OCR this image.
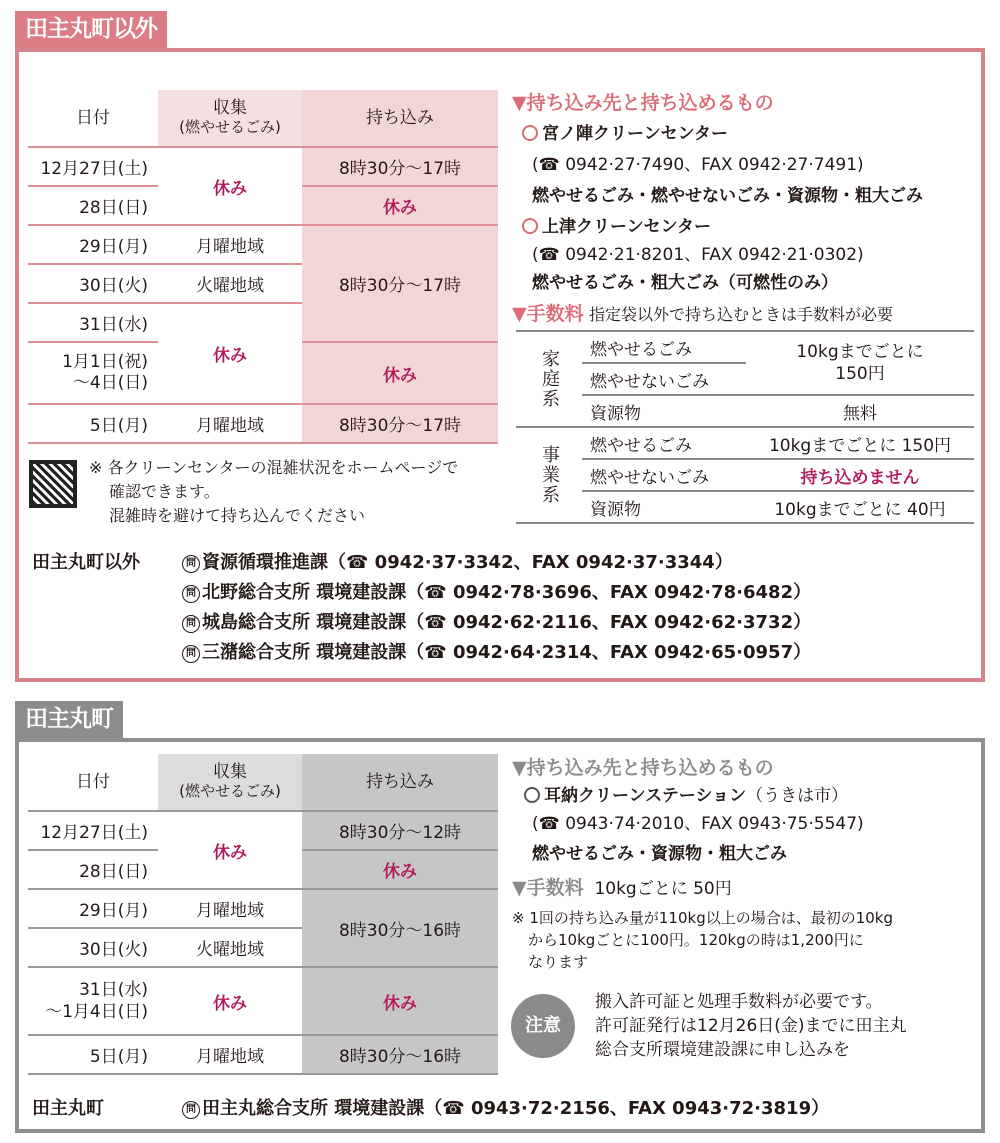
田主丸町以外
日付	収集
(燃やせるごみ)	持ち込み
12月27日(土)	休み	8時30分～17時
28日(日)		休み
29日(月)	月曜地域	8時30分～17時
30日(火)	火曜地域	
31日(水)	休み	
1月1日(祝)
～4日(日)		休み
5日(月)	月曜地域	8時30分～17時
※ 各クリーンセンターの混雑状況をホームページで
確認できます。
混雑時を避けて持ち込んでください
▼持ち込み先と持ち込めるもの
宮ノ陣クリーンセンター
(☎ 0942·27·7490、FAX 0942·27·7491)
燃やせるごみ・燃やせないごみ・資源物・粗大ごみ
上津クリーンセンター
(☎ 0942·21·8201、FAX 0942·21·0302)
燃やせるごみ・粗大ごみ（可燃性のみ）
▼手数料 指定袋以外で持ち込むときは手数料が必要
家庭系	燃やせるごみ	10kgまでごとに
150円
	燃やせないごみ	
	資源物	無料
事業系	燃やせるごみ	10kgまでごとに 150円
	燃やせないごみ	持ち込めません
	資源物	10kgまでごとに 40円
田主丸町以外	問 資源循環推進課（☎ 0942·37·3342、FAX 0942·37·3344）
問 北野総合支所 環境建設課（☎ 0942·78·3696、FAX 0942·78·6482）
問 城島総合支所 環境建設課（☎ 0942·62·2116、FAX 0942·62·3732）
問 三潴総合支所 環境建設課（☎ 0942·64·2314、FAX 0942·65·0957）
田主丸町
日付	収集
(燃やせるごみ)	持ち込み
12月27日(土)	休み	8時30分～12時
28日(日)		休み
29日(月)	月曜地域	8時30分～16時
30日(火)	火曜地域	
31日(水)
～1月4日(日)	休み	休み
5日(月)	月曜地域	8時30分～16時
▼持ち込み先と持ち込めるもの
耳納クリーンステーション（うきは市）
(☎ 0943·74·2010、FAX 0943·75·5547)
燃やせるごみ・資源物・粗大ごみ
▼手数料 10kgごとに 50円
※ 1回の持ち込み量が110kg以上の場合は、最初の10kg
から10kgごとに100円。120kgの時は1,200円に
なります
注意
搬入許可証と処理手数料が必要です。
許可証発行は12月26日(金)までに田主丸
総合支所環境建設課に申し込みを
田主丸町	問 田主丸総合支所 環境建設課（☎ 0943·72·2156、FAX 0943·72·3819）
